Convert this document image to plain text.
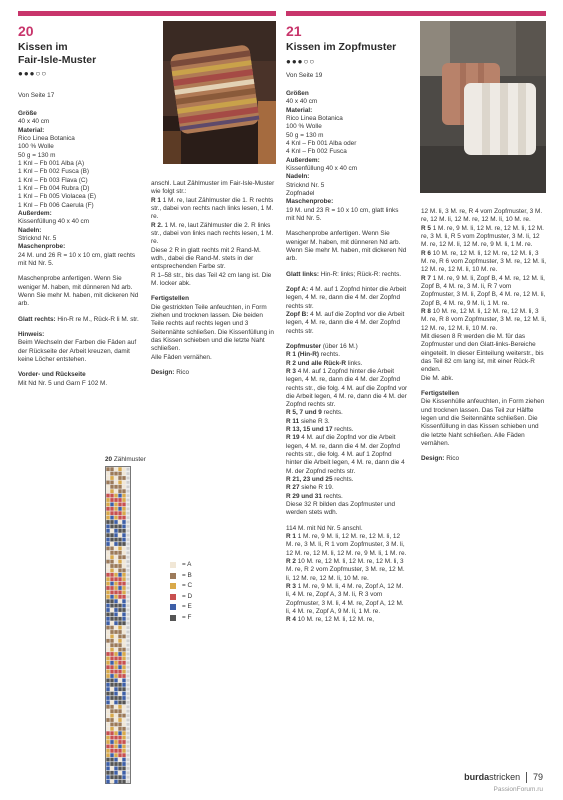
20
Kissen im
Fair-Isle-Muster
●●●○○
Von Seite 17

Größe

40 x 40 cm

Material:

Rico Linea Botanica

100 % Wolle

50 g = 130 m

1 Knl – Fb 001 Alba (A)

1 Knl – Fb 002 Fusca (B)

1 Knl – Fb 003 Flava (C)

1 Knl – Fb 004 Rubra (D)

1 Knl – Fb 005 Violacea (E)

1 Knl – Fb 006 Caerula (F)

Außerdem:

Kissenfüllung 40 x 40 cm

Nadeln:

Stricknd Nr. 5

Maschenprobe:

24 M. und 26 R = 10 x 10 cm, glatt rechts mit Nd Nr. 5.

Maschenprobe anfertigen. Wenn Sie weniger M. haben, mit dünneren Nd arb. Wenn Sie mehr M. haben, mit dickeren Nd arb.

Glatt rechts: Hin-R re M., Rück-R li M. str.

Hinweis:

Beim Wechseln der Farben die Fäden auf der Rückseite der Arbeit kreuzen, damit keine Löcher entstehen.

Vorder- und Rückseite

Mit Nd Nr. 5 und Garn F 102 M.

anschl. Laut Zählmuster im Fair-Isle-Muster wie folgt str.:

R 1 1 M. re, laut Zählmuster die 1. R rechts str., dabei von rechts nach links lesen, 1 M. re.

R 2. 1 M. re, laut Zählmuster die 2. R links str., dabei von links nach rechts lesen, 1 M. re.

Diese 2 R in glatt rechts mit 2 Rand-M. wdh., dabei die Rand-M. stets in der entsprechenden Farbe str.

R 1–58 str., bis das Teil 42 cm lang ist. Die M. locker abk.

Fertigstellen

Die gestrickten Teile anfeuchten, in Form ziehen und trocknen lassen. Die beiden Teile rechts auf rechts legen und 3 Seitennähte schließen. Die Kissenfüllung in das Kissen schieben und die letzte Naht schließen.

Alle Fäden vernähen.

Design: Rico

20 Zählmuster
= A
= B
= C
= D
= E
= F
21
Kissen im Zopfmuster
●●●○○
Von Seite 19

Größen

40 x 40 cm

Material:

Rico Linea Botanica

100 % Wolle

50 g = 130 m

4 Knl – Fb 001 Alba oder

4 Knl – Fb 002 Fusca

Außerdem:

Kissenfüllung 40 x 40 cm

Nadeln:

Stricknd Nr. 5

Zopfnadel

Maschenprobe:

19 M. und 23 R = 10 x 10 cm, glatt links mit Nd Nr. 5.

Maschenprobe anfertigen. Wenn Sie weniger M. haben, mit dünneren Nd arb. Wenn Sie mehr M. haben, mit dickeren Nd arb.

Glatt links: Hin-R: links; Rück-R: rechts.

Zopf A: 4 M. auf 1 Zopfnd hinter die Arbeit legen, 4 M. re, dann die 4 M. der Zopfnd rechts str.

Zopf B: 4 M. auf die Zopfnd vor die Arbeit legen, 4 M. re, dann die 4 M. der Zopfnd rechts str.

Zopfmuster (über 16 M.)

R 1 (Hin-R) rechts.

R 2 und alle Rück-R links.

R 3 4 M. auf 1 Zopfnd hinter die Arbeit legen, 4 M. re, dann die 4 M. der Zopfnd rechts str., die folg. 4 M. auf die Zopfnd vor die Arbeit legen, 4 M. re, dann die 4 M. der Zopfnd rechts str.

R 5, 7 und 9 rechts.

R 11 siehe R 3.

R 13, 15 und 17 rechts.

R 19 4 M. auf die Zopfnd vor die Arbeit legen, 4 M. re, dann die 4 M. der Zopfnd rechts str., die folg. 4 M. auf 1 Zopfnd hinter die Arbeit legen, 4 M. re, dann die 4 M. der Zopfnd rechts str.

R 21, 23 und 25 rechts.

R 27 siehe R 19.

R 29 und 31 rechts.

Diese 32 R bilden das Zopfmuster und werden stets wdh.

114 M. mit Nd Nr. 5 anschl.

R 1 1 M. re, 9 M. li, 12 M. re, 12 M. li, 12 M. re, 3 M. li, R 1 vom Zopfmuster, 3 M. li, 12 M. re, 12 M. li, 12 M. re, 9 M. li, 1 M. re.

R 2 10 M. re, 12 M. li, 12 M. re, 12 M. li, 3 M. re, R 2 vom Zopfmuster, 3 M. re, 12 M. li, 12 M. re, 12 M. li, 10 M. re.

R 3 1 M. re, 9 M. li, 4 M. re, Zopf A, 12 M. li, 4 M. re, Zopf A, 3 M. li, R 3 vom Zopfmuster, 3 M. li, 4 M. re, Zopf A, 12 M. li, 4 M. re, Zopf A, 9 M. li, 1 M. re.

R 4 10 M. re, 12 M. li, 12 M. re,

12 M. li, 3 M. re, R 4 vom Zopfmuster, 3 M. re, 12 M. li, 12 M. re, 12 M. li, 10 M. re.

R 5 1 M. re, 9 M. li, 12 M. re, 12 M. li, 12 M. re, 3 M. li, R 5 vom Zopfmuster, 3 M. li, 12 M. re, 12 M. li, 12 M. re, 9 M. li, 1 M. re.

R 6 10 M. re, 12 M. li, 12 M. re, 12 M. li, 3 M. re, R 6 vom Zopfmuster, 3 M. re, 12 M. li, 12 M. re, 12 M. li, 10 M. re.

R 7 1 M. re, 9 M. li, Zopf B, 4 M. re, 12 M. li, Zopf B, 4 M. re, 3 M. li, R 7 vom Zopfmuster, 3 M. li, Zopf B, 4 M. re, 12 M. li, Zopf B, 4 M. re, 9 M. li, 1 M. re.

R 8 10 M. re, 12 M. li, 12 M. re, 12 M. li, 3 M. re, R 8 vom Zopfmuster, 3 M. re, 12 M. li, 12 M. re, 12 M. li, 10 M. re.

Mit diesen 8 R werden die M. für das Zopfmuster und den Glatt-links-Bereiche eingeteilt. In dieser Einteilung weiterstr., bis das Teil 82 cm lang ist, mit einer Rück-R enden.

Die M. abk.

Fertigstellen

Die Kissenhülle anfeuchten, in Form ziehen und trocknen lassen. Das Teil zur Hälfte legen und die Seitennähte schließen. Die Kissenfüllung in das Kissen schieben und die letzte Naht schließen. Alle Fäden vernähen.

Design: Rico

burdastricken 79
PassionForum.ru
